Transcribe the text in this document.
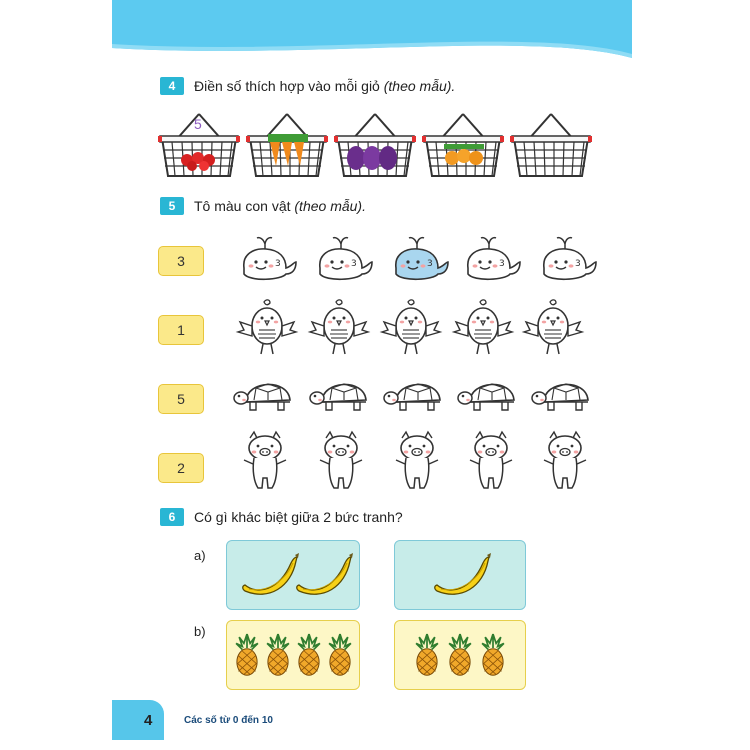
4	Điền số thích hợp vào mỗi giỏ (theo mẫu).
5
5	Tô màu con vật (theo mẫu).
3
1
5
2
6	Có gì khác biệt giữa 2 bức tranh?
a)
b)
4	Các số từ 0 đến 10
